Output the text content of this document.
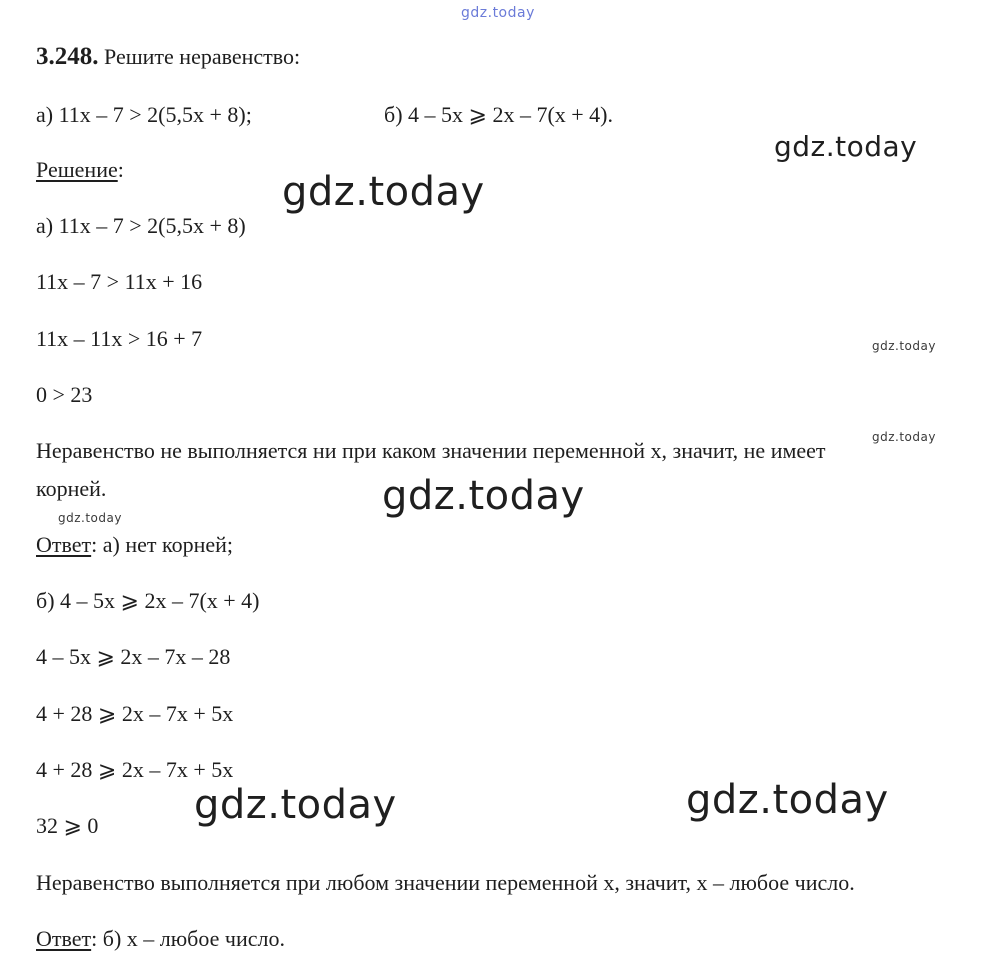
3.248. Решите неравенство:
а) 11x – 7 > 2(5,5x + 8);	б) 4 – 5x ⩾ 2x – 7(x + 4).
Решение:
а) 11x – 7 > 2(5,5x + 8)
11x – 7 > 11x + 16
11x – 11x > 16 + 7
0 > 23
Неравенство не выполняется ни при каком значении переменной x, значит, не имеет
корней.
Ответ: а) нет корней;
б) 4 – 5x ⩾ 2x – 7(x + 4)
4 – 5x ⩾ 2x – 7x – 28
4 + 28 ⩾ 2x – 7x + 5x
4 + 28 ⩾ 2x – 7x + 5x
32 ⩾ 0
Неравенство выполняется при любом значении переменной x, значит, x – любое число.
Ответ: б) x – любое число.
gdz.today
gdz.today
gdz.today
gdz.today
gdz.today
gdz.today
gdz.today
gdz.today	gdz.today
